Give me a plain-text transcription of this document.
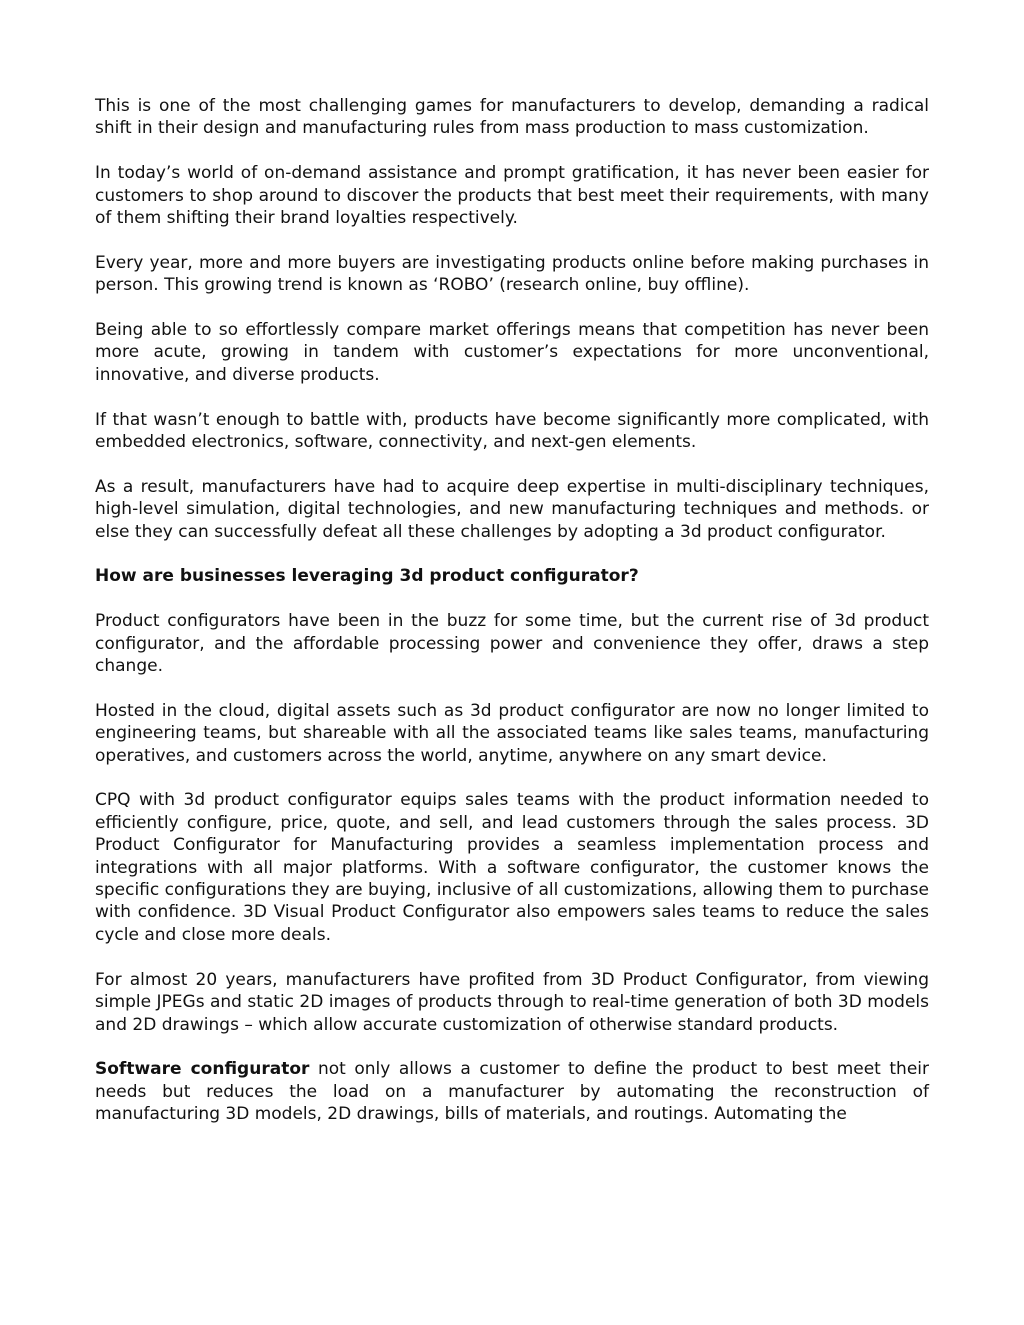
This is one of the most challenging games for manufacturers to develop, demanding a radical shift in their design and manufacturing rules from mass production to mass customization.

In today’s world of on-demand assistance and prompt gratification, it has never been easier for customers to shop around to discover the products that best meet their requirements, with many of them shifting their brand loyalties respectively.

Every year, more and more buyers are investigating products online before making purchases in person. This growing trend is known as ‘ROBO’ (research online, buy offline).

Being able to so effortlessly compare market offerings means that competition has never been more acute, growing in tandem with customer’s expectations for more unconventional, innovative, and diverse products.

If that wasn’t enough to battle with, products have become significantly more complicated, with embedded electronics, software, connectivity, and next-gen elements.

As a result, manufacturers have had to acquire deep expertise in multi-disciplinary techniques, high-level simulation, digital technologies, and new manufacturing techniques and methods. or else they can successfully defeat all these challenges by adopting a 3d product configurator.

How are businesses leveraging 3d product configurator?

Product configurators have been in the buzz for some time, but the current rise of 3d product configurator, and the affordable processing power and convenience they offer, draws a step change.

Hosted in the cloud, digital assets such as 3d product configurator are now no longer limited to engineering teams, but shareable with all the associated teams like sales teams, manufacturing operatives, and customers across the world, anytime, anywhere on any smart device.

CPQ with 3d product configurator equips sales teams with the product information needed to efficiently configure, price, quote, and sell, and lead customers through the sales process. 3D Product Configurator for Manufacturing provides a seamless implementation process and integrations with all major platforms. With a software configurator, the customer knows the specific configurations they are buying, inclusive of all customizations, allowing them to purchase with confidence. 3D Visual Product Configurator also empowers sales teams to reduce the sales cycle and close more deals.

For almost 20 years, manufacturers have profited from 3D Product Configurator, from viewing simple JPEGs and static 2D images of products through to real-time generation of both 3D models and 2D drawings – which allow accurate customization of otherwise standard products.

Software configurator not only allows a customer to define the product to best meet their needs but reduces the load on a manufacturer by automating the reconstruction of manufacturing 3D models, 2D drawings, bills of materials, and routings. Automating the
